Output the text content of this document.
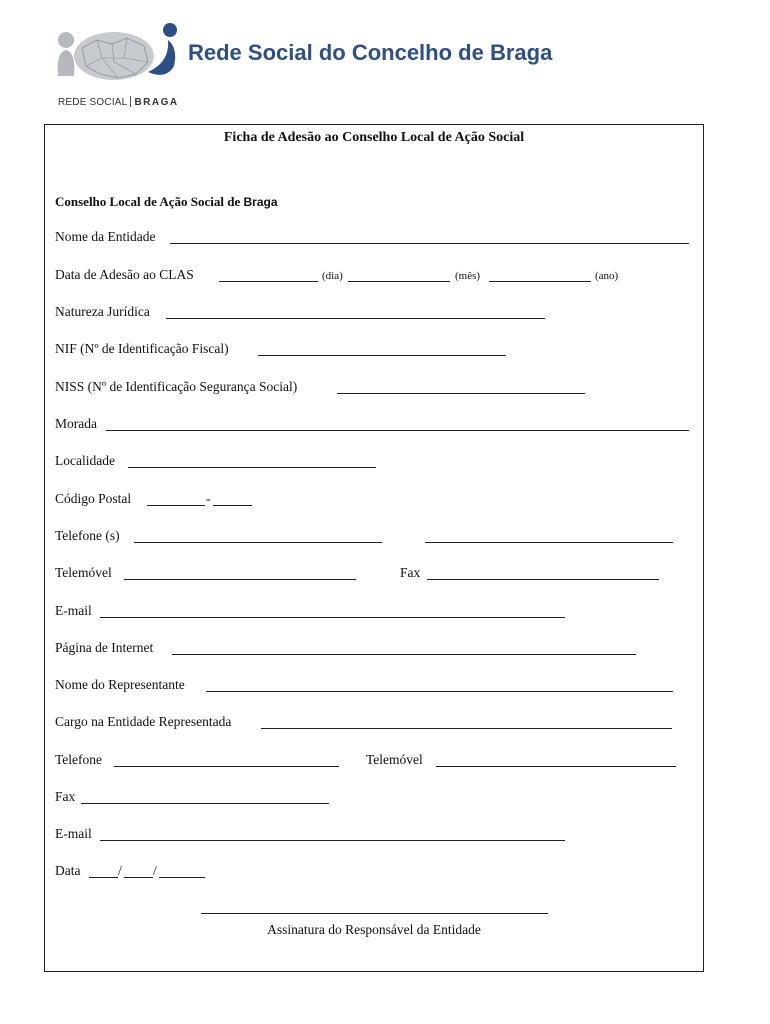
Rede Social do Concelho de Braga
REDE SOCIAL BRAGA
Ficha de Adesão ao Conselho Local de Ação Social
Conselho Local de Ação Social de Braga
Nome da Entidade
Data de Adesão ao CLAS	(dia)	(mês)	(ano)
Natureza Jurídica
NIF (Nº de Identificação Fiscal)
NISS (Nº de Identificação Segurança Social)
Morada
Localidade
Código Postal	-
Telefone (s)
Telemóvel	Fax
E-mail
Página de Internet
Nome do Representante
Cargo na Entidade Representada
Telefone	Telemóvel
Fax
E-mail
Data	/ /
Assinatura do Responsável da Entidade
